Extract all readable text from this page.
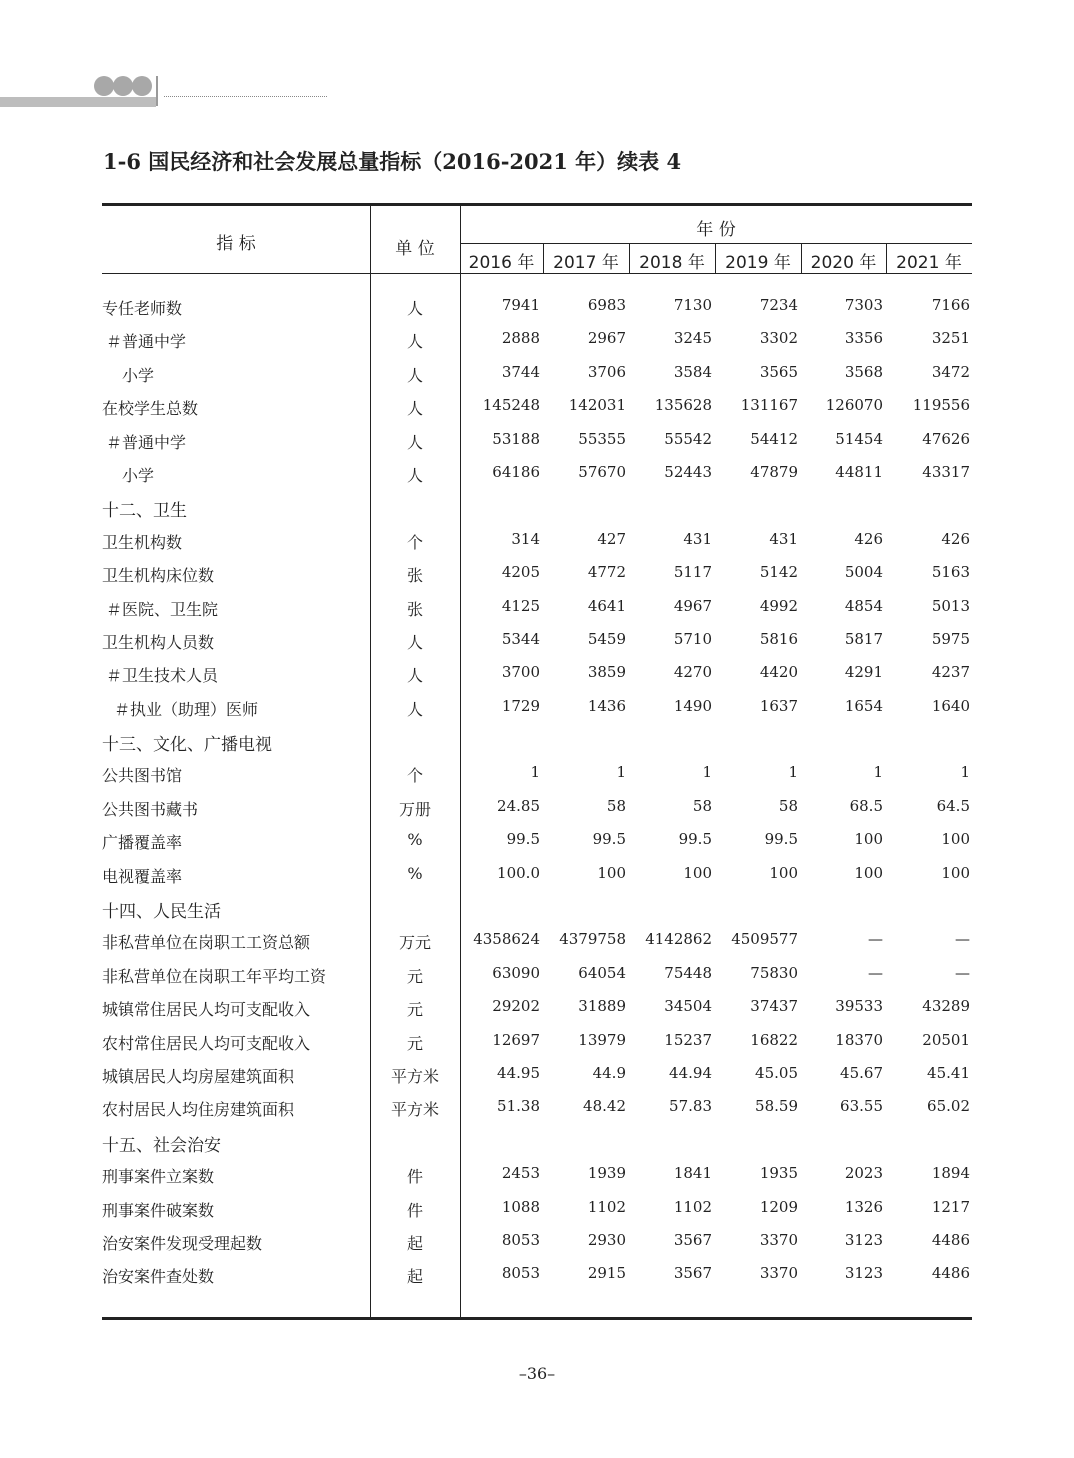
1-6 国民经济和社会发展总量指标（2016-2021 年）续表 4
指 标	单 位
年 份
2016 年	2017 年	2018 年	2019 年	2020 年	2021 年
专任老师数	人	7941	6983	7130	7234	7303	7166
＃普通中学	人	2888	2967	3245	3302	3356	3251
小学	人	3744	3706	3584	3565	3568	3472
在校学生总数	人	145248	142031	135628	131167	126070	119556
＃普通中学	人	53188	55355	55542	54412	51454	47626
小学	人	64186	57670	52443	47879	44811	43317
十二、卫生
卫生机构数	个	314	427	431	431	426	426
卫生机构床位数	张	4205	4772	5117	5142	5004	5163
＃医院、卫生院	张	4125	4641	4967	4992	4854	5013
卫生机构人员数	人	5344	5459	5710	5816	5817	5975
＃卫生技术人员	人	3700	3859	4270	4420	4291	4237
＃执业（助理）医师	人	1729	1436	1490	1637	1654	1640
十三、文化、广播电视
公共图书馆	个	1	1	1	1	1	1
公共图书藏书	万册	24.85	58	58	58	68.5	64.5
广播覆盖率	%	99.5	99.5	99.5	99.5	100	100
电视覆盖率	%	100.0	100	100	100	100	100
十四、人民生活
非私营单位在岗职工工资总额	万元	4358624	4379758	4142862	4509577	—	—
非私营单位在岗职工年平均工资	元	63090	64054	75448	75830	—	—
城镇常住居民人均可支配收入	元	29202	31889	34504	37437	39533	43289
农村常住居民人均可支配收入	元	12697	13979	15237	16822	18370	20501
城镇居民人均房屋建筑面积	平方米	44.95	44.9	44.94	45.05	45.67	45.41
农村居民人均住房建筑面积	平方米	51.38	48.42	57.83	58.59	63.55	65.02
十五、社会治安
刑事案件立案数	件	2453	1939	1841	1935	2023	1894
刑事案件破案数	件	1088	1102	1102	1209	1326	1217
治安案件发现受理起数	起	8053	2930	3567	3370	3123	4486
治安案件查处数	起	8053	2915	3567	3370	3123	4486
–36–
